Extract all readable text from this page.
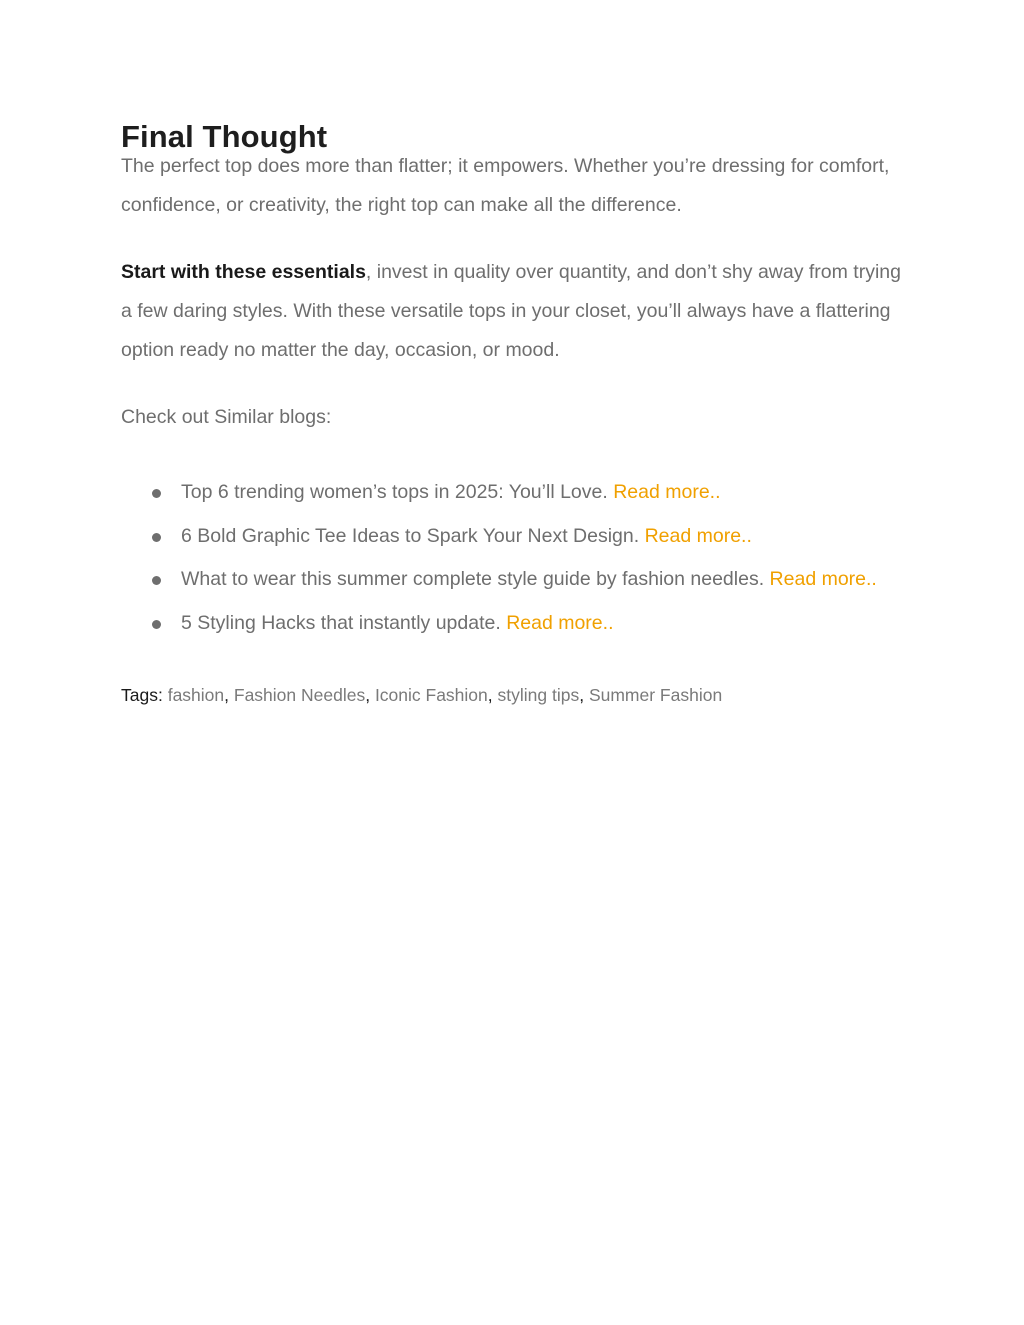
Final Thought

The perfect top does more than flatter; it empowers. Whether you’re dressing for comfort, confidence, or creativity, the right top can make all the difference.

Start with these essentials, invest in quality over quantity, and don’t shy away from trying a few daring styles. With these versatile tops in your closet, you’ll always have a flattering option ready no matter the day, occasion, or mood.

Check out Similar blogs:

Top 6 trending women’s tops in 2025: You’ll Love. Read more..
6 Bold Graphic Tee Ideas to Spark Your Next Design. Read more..
What to wear this summer complete style guide by fashion needles. Read more..
5 Styling Hacks that instantly update. Read more..
Tags: fashion, Fashion Needles, Iconic Fashion, styling tips, Summer Fashion
